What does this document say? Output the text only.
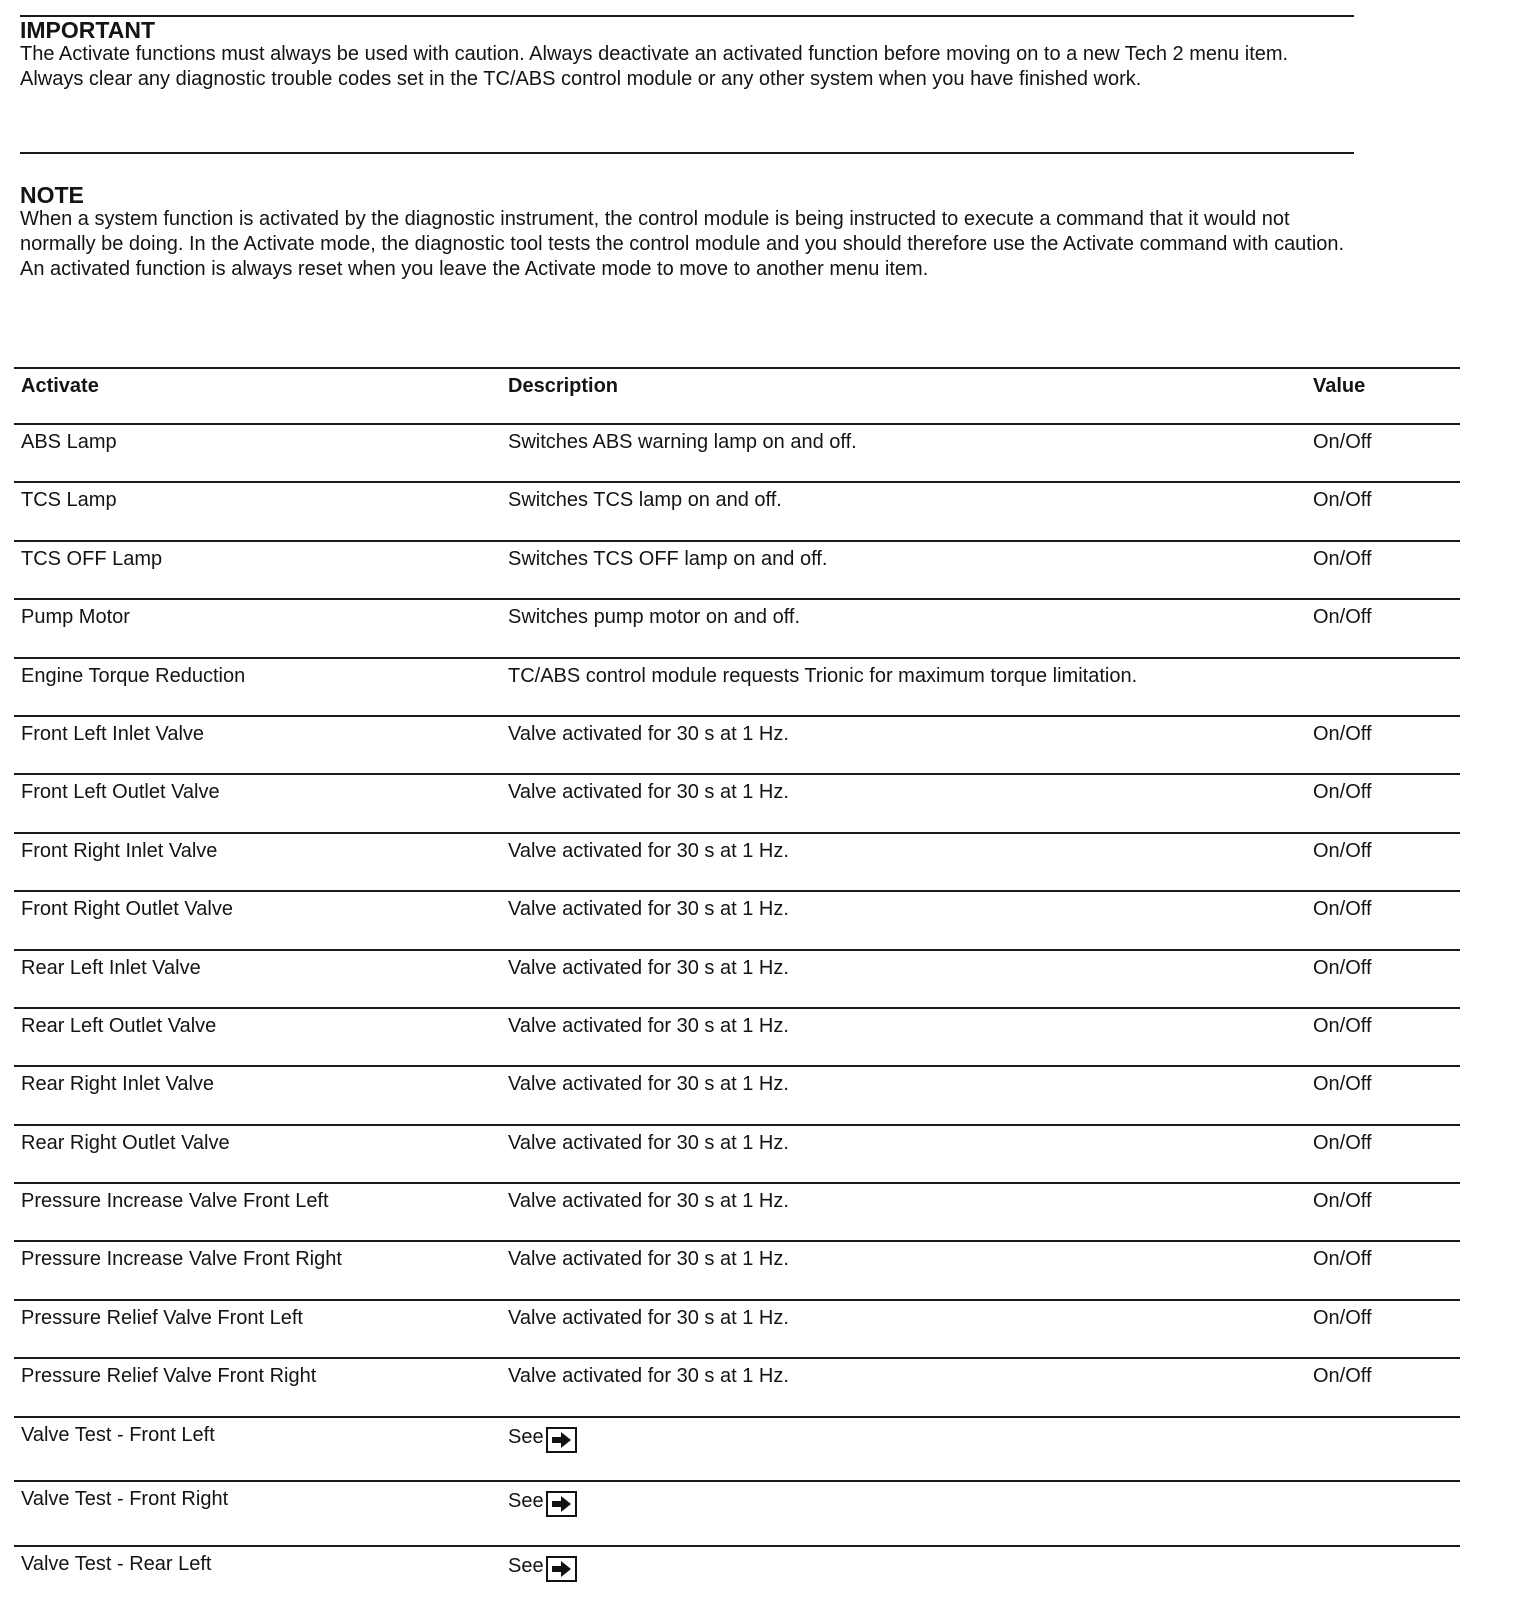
IMPORTANT

The Activate functions must always be used with caution. Always deactivate an activated function before moving on to a new Tech 2 menu item. Always clear any diagnostic trouble codes set in the TC/ABS control module or any other system when you have finished work.

NOTE

When a system function is activated by the diagnostic instrument, the control module is being instructed to execute a command that it would not normally be doing. In the Activate mode, the diagnostic tool tests the control module and you should therefore use the Activate command with caution. An activated function is always reset when you leave the Activate mode to move to another menu item.

Activate	Description	Value
ABS Lamp	Switches ABS warning lamp on and off.	On/Off
TCS Lamp	Switches TCS lamp on and off.	On/Off
TCS OFF Lamp	Switches TCS OFF lamp on and off.	On/Off
Pump Motor	Switches pump motor on and off.	On/Off
Engine Torque Reduction	TC/ABS control module requests Trionic for maximum torque limitation.
Front Left Inlet Valve	Valve activated for 30 s at 1 Hz.	On/Off
Front Left Outlet Valve	Valve activated for 30 s at 1 Hz.	On/Off
Front Right Inlet Valve	Valve activated for 30 s at 1 Hz.	On/Off
Front Right Outlet Valve	Valve activated for 30 s at 1 Hz.	On/Off
Rear Left Inlet Valve	Valve activated for 30 s at 1 Hz.	On/Off
Rear Left Outlet Valve	Valve activated for 30 s at 1 Hz.	On/Off
Rear Right Inlet Valve	Valve activated for 30 s at 1 Hz.	On/Off
Rear Right Outlet Valve	Valve activated for 30 s at 1 Hz.	On/Off
Pressure Increase Valve Front Left	Valve activated for 30 s at 1 Hz.	On/Off
Pressure Increase Valve Front Right	Valve activated for 30 s at 1 Hz.	On/Off
Pressure Relief Valve Front Left	Valve activated for 30 s at 1 Hz.	On/Off
Pressure Relief Valve Front Right	Valve activated for 30 s at 1 Hz.	On/Off
Valve Test - Front Left	See
Valve Test - Front Right	See
Valve Test - Rear Left	See
